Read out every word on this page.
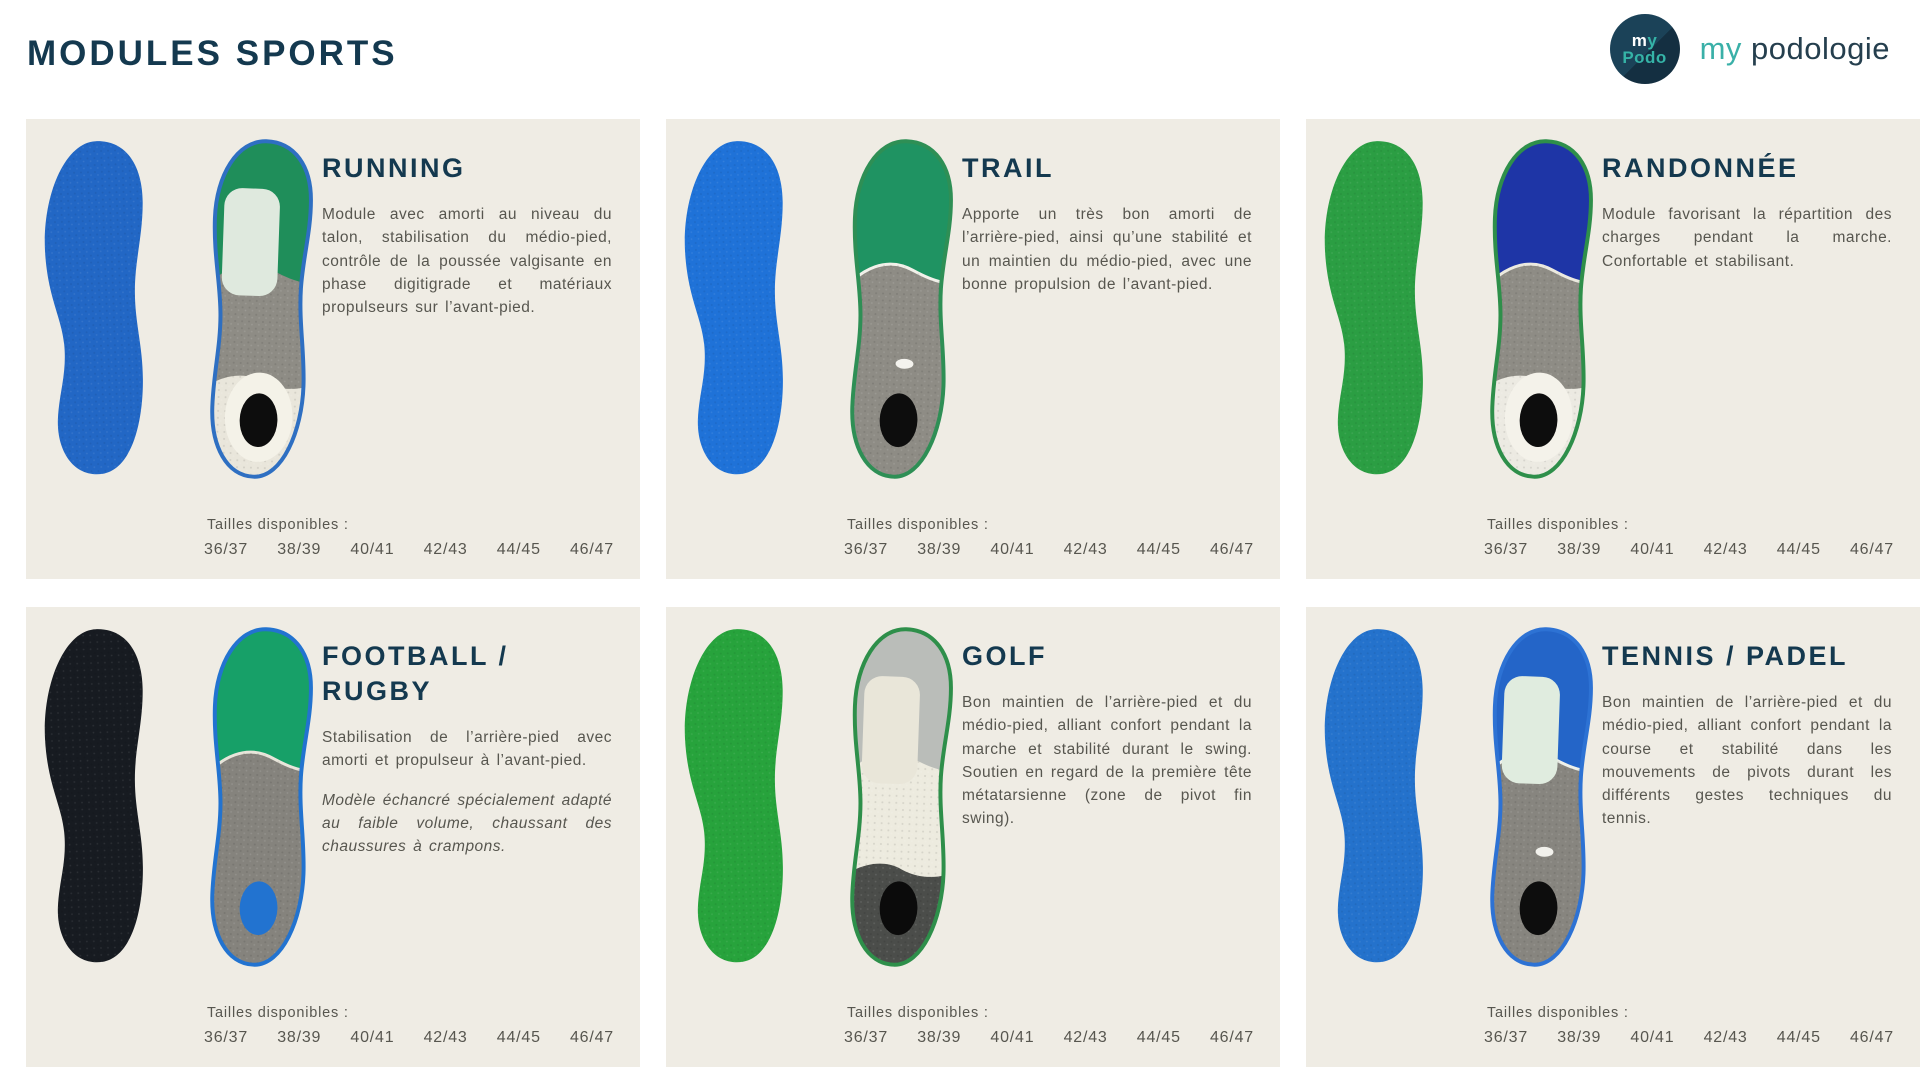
MODULES SPORTS	my
Podo my podologie
RUNNING

Module avec amorti au niveau du talon, stabilisation du médio-pied, contrôle de la poussée valgisante en phase digitigrade et matériaux propulseurs sur l’avant-pied.

Tailles disponibles :
36/37 38/39 40/41 42/43 44/45 46/47
TRAIL

Apporte un très bon amorti de l’arrière-pied, ainsi qu’une stabilité et un maintien du médio-pied, avec une bonne propulsion de l’avant-pied.

Tailles disponibles :
36/37 38/39 40/41 42/43 44/45 46/47
RANDONNÉE

Module favorisant la répartition des charges pendant la marche. Confortable et stabilisant.

Tailles disponibles :
36/37 38/39 40/41 42/43 44/45 46/47
FOOTBALL / RUGBY

Stabilisation de l’arrière-pied avec amorti et propulseur à l’avant-pied.

Modèle échancré spécialement adapté au faible volume, chaussant des chaussures à crampons.

Tailles disponibles :
36/37 38/39 40/41 42/43 44/45 46/47
GOLF

Bon maintien de l’arrière-pied et du médio-pied, alliant confort pendant la marche et stabilité durant le swing. Soutien en regard de la première tête métatarsienne (zone de pivot fin swing).

Tailles disponibles :
36/37 38/39 40/41 42/43 44/45 46/47
TENNIS / PADEL

Bon maintien de l’arrière-pied et du médio-pied, alliant confort pendant la course et stabilité dans les mouvements de pivots durant les différents gestes techniques du tennis.

Tailles disponibles :
36/37 38/39 40/41 42/43 44/45 46/47
